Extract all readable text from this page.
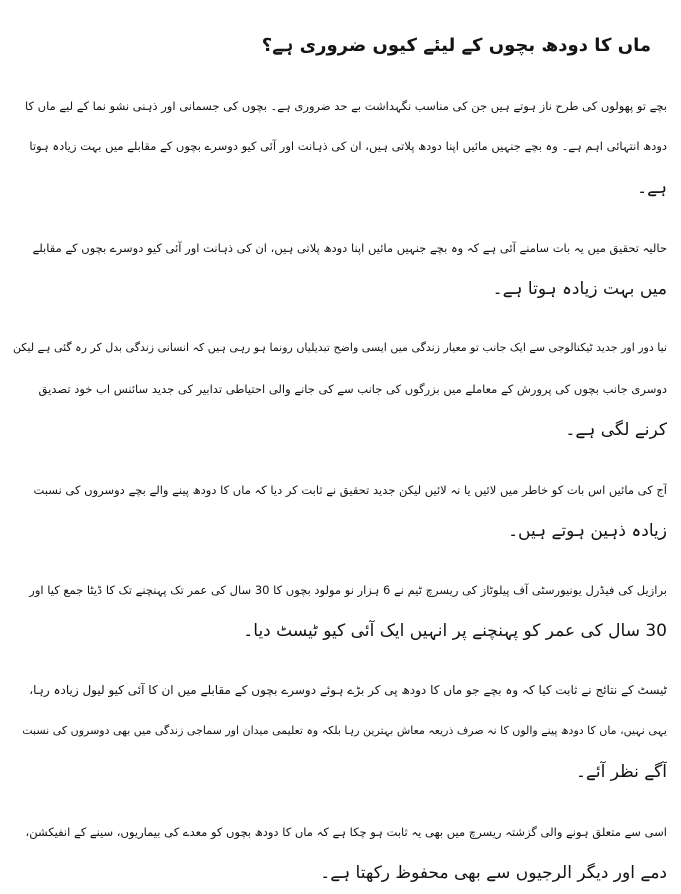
ماں کا دودھ بچوں کے لیئے کیوں ضروری ہے؟

بچے تو پھولوں کی طرح ناز ہوتے ہیں جن کی مناسب نگہداشت بے حد ضروری ہے۔ بچوں کی جسمانی اور ذہنی نشو نما کے لیے ماں کا

دودھ انتہائی اہم ہے۔ وہ بچے جنہیں مائیں اپنا دودھ پلاتی ہیں، ان کی ذہانت اور آئی کیو دوسرے بچوں کے مقابلے میں بہت زیادہ ہوتا

ہے۔

حالیہ تحقیق میں یہ بات سامنے آئی ہے کہ وہ بچے جنہیں مائیں اپنا دودھ پلاتی ہیں، ان کی ذہانت اور آئی کیو دوسرے بچوں کے مقابلے

میں بہت زیادہ ہوتا ہے۔

نیا دور اور جدید ٹیکنالوجی سے ایک جانب تو معیار زندگی میں ایسی واضح تبدیلیاں رونما ہو رہی ہیں کہ انسانی زندگی بدل کر رہ گئی ہے لیکن

دوسری جانب بچوں کی پرورش کے معاملے میں بزرگوں کی جانب سے کی جانے والی احتیاطی تدابیر کی جدید سائنس اب خود تصدیق

کرنے لگی ہے۔

آج کی مائیں اس بات کو خاطر میں لائیں یا نہ لائیں لیکن جدید تحقیق نے ثابت کر دیا کہ ماں کا دودھ پینے والے بچے دوسروں کی نسبت

زیادہ ذہین ہوتے ہیں۔

برازیل کی فیڈرل یونیورسٹی آف پیلوٹاز کی ریسرچ ٹیم نے 6 ہزار نو مولود بچوں کا 30 سال کی عمر تک پہنچنے تک کا ڈیٹا جمع کیا اور

30 سال کی عمر کو پہنچنے پر انہیں ایک آئی کیو ٹیسٹ دیا۔

ٹیسٹ کے نتائج نے ثابت کیا کہ وہ بچے جو ماں کا دودھ پی کر بڑے ہوئے دوسرے بچوں کے مقابلے میں ان کا آئی کیو لیول زیادہ رہا،

یہی نہیں، ماں کا دودھ پینے والوں کا نہ صرف ذریعہ معاش بہترین رہا بلکہ وہ تعلیمی میدان اور سماجی زندگی میں بھی دوسروں کی نسبت

آگے نظر آئے۔

اسی سے متعلق ہونے والی گزشتہ ریسرچ میں بھی یہ ثابت ہو چکا ہے کہ ماں کا دودھ بچوں کو معدے کی بیماریوں، سینے کے انفیکشن،

دمے اور دیگر الرجیوں سے بھی محفوظ رکھتا ہے۔
